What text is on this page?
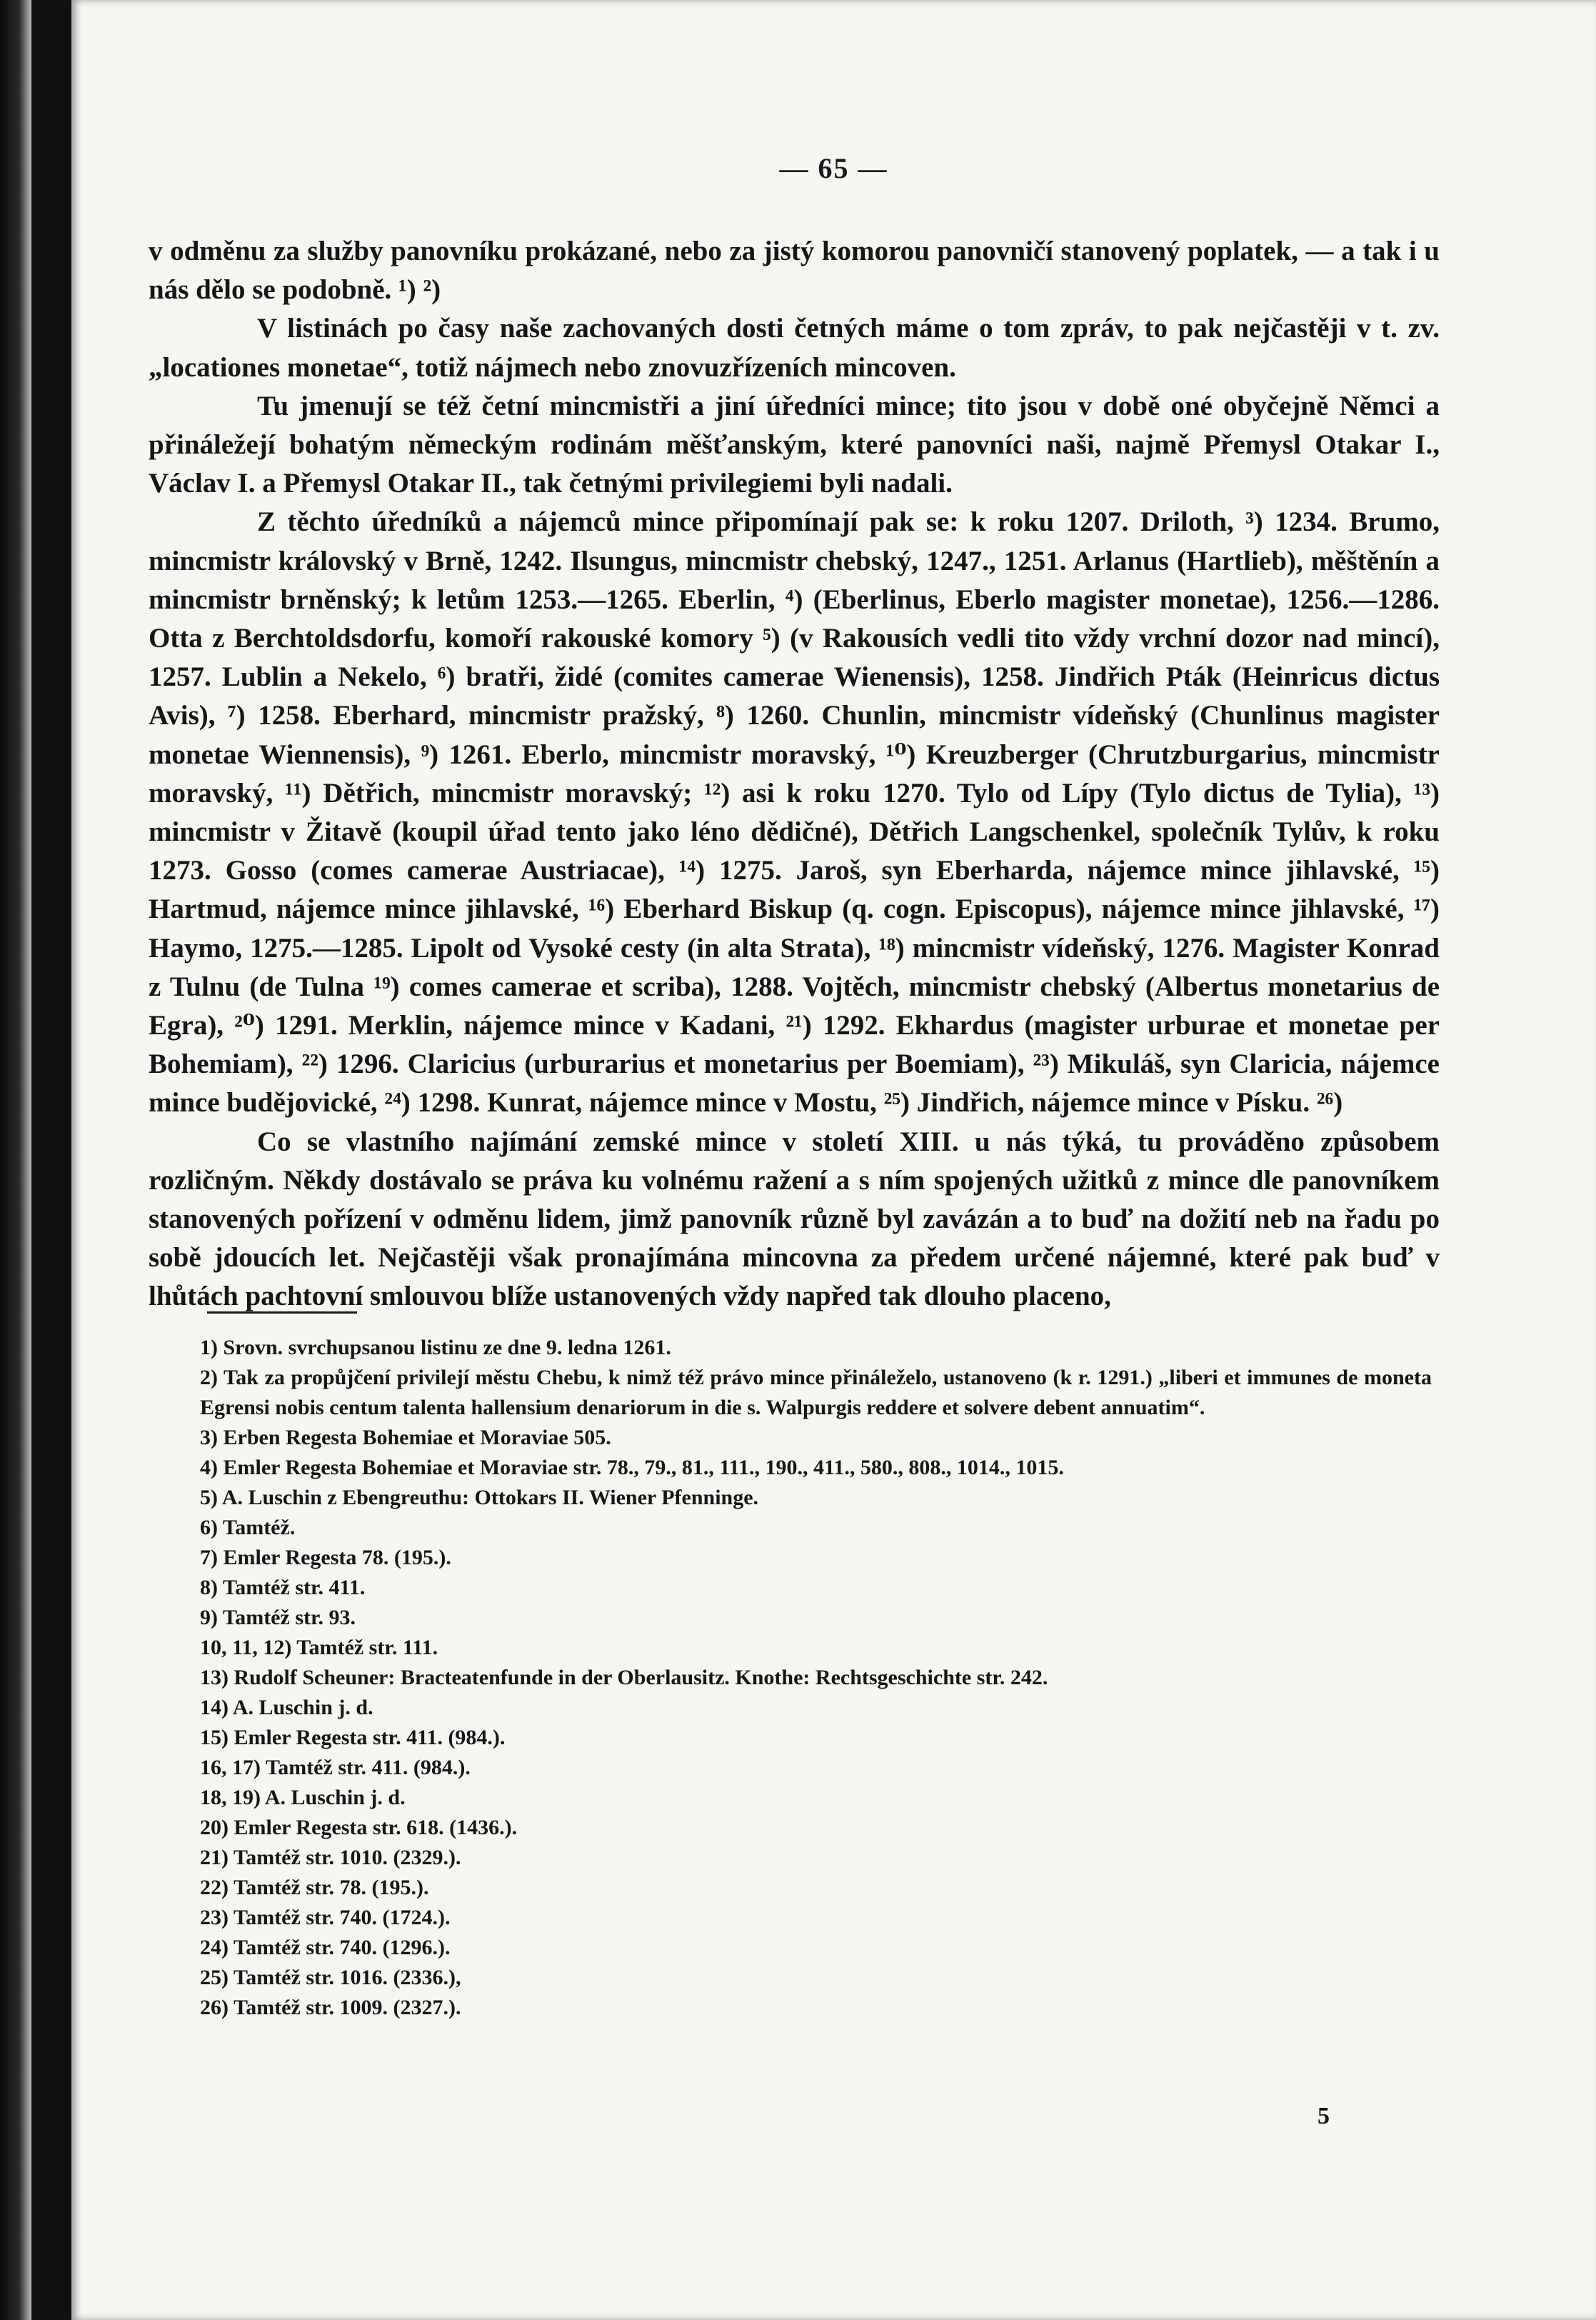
— 65 —

v odměnu za služby panovníku prokázané, nebo za jistý komorou panovničí stanovený poplatek, — a tak i u nás dělo se podobně. ¹) ²)

V listinách po časy naše zachovaných dosti četných máme o tom zpráv, to pak nejčastěji v t. zv. „locationes monetae“, totiž nájmech nebo znovuzřízeních mincoven.

Tu jmenují se též četní mincmistři a jiní úředníci mince; tito jsou v době oné obyčejně Němci a přináležejí bohatým německým rodinám měšťanským, které panovníci naši, najmě Přemysl Otakar I., Václav I. a Přemysl Otakar II., tak četnými privilegiemi byli nadali.

Z těchto úředníků a nájemců mince připomínají pak se: k roku 1207. Driloth, ³) 1234. Brumo, mincmistr královský v Brně, 1242. Ilsungus, mincmistr chebský, 1247., 1251. Arlanus (Hartlieb), měštěnín a mincmistr brněnský; k letům 1253.—1265. Eberlin, ⁴) (Eberlinus, Eberlo magister monetae), 1256.—1286. Otta z Berchtoldsdorfu, komoří rakouské komory ⁵) (v Rakousích vedli tito vždy vrchní dozor nad mincí), 1257. Lublin a Nekelo, ⁶) bratři, židé (comites camerae Wienensis), 1258. Jindřich Pták (Heinricus dictus Avis), ⁷) 1258. Eberhard, mincmistr pražský, ⁸) 1260. Chunlin, mincmistr vídeňský (Chunlinus magister monetae Wiennensis), ⁹) 1261. Eberlo, mincmistr moravský, ¹⁰) Kreuzberger (Chrutzburgarius, mincmistr moravský, ¹¹) Dětřich, mincmistr moravský; ¹²) asi k roku 1270. Tylo od Lípy (Tylo dictus de Tylia), ¹³) mincmistr v Žitavě (koupil úřad tento jako léno dědičné), Dětřich Langschenkel, společník Tylův, k roku 1273. Gosso (comes camerae Austriacae), ¹⁴) 1275. Jaroš, syn Eberharda, nájemce mince jihlavské, ¹⁵) Hartmud, nájemce mince jihlavské, ¹⁶) Eberhard Biskup (q. cogn. Episcopus), nájemce mince jihlavské, ¹⁷) Haymo, 1275.—1285. Lipolt od Vysoké cesty (in alta Strata), ¹⁸) mincmistr vídeňský, 1276. Magister Konrad z Tulnu (de Tulna ¹⁹) comes camerae et scriba), 1288. Vojtěch, mincmistr chebský (Albertus monetarius de Egra), ²⁰) 1291. Merklin, nájemce mince v Kadani, ²¹) 1292. Ekhardus (magister urburae et monetae per Bohemiam), ²²) 1296. Claricius (urburarius et monetarius per Boemiam), ²³) Mikuláš, syn Claricia, nájemce mince budějovické, ²⁴) 1298. Kunrat, nájemce mince v Mostu, ²⁵) Jindřich, nájemce mince v Písku. ²⁶)

Co se vlastního najímání zemské mince v století XIII. u nás týká, tu prováděno způsobem rozličným. Někdy dostávalo se práva ku volnému ražení a s ním spojených užitků z mince dle panovníkem stanovených pořízení v odměnu lidem, jimž panovník různě byl zavázán a to buď na dožití neb na řadu po sobě jdoucích let. Nejčastěji však pronajímána mincovna za předem určené nájemné, které pak buď v lhůtách pachtovní smlouvou blíže ustanovených vždy napřed tak dlouho placeno,

1) Srovn. svrchupsanou listinu ze dne 9. ledna 1261.
2) Tak za propůjčení privilejí městu Chebu, k nimž též právo mince přináleželo, ustanoveno (k r. 1291.) „liberi et immunes de moneta Egrensi nobis centum talenta hallensium denariorum in die s. Walpurgis reddere et solvere debent annuatim“.
3) Erben Regesta Bohemiae et Moraviae 505.
4) Emler Regesta Bohemiae et Moraviae str. 78., 79., 81., 111., 190., 411., 580., 808., 1014., 1015.
5) A. Luschin z Ebengreuthu: Ottokars II. Wiener Pfenninge.
6) Tamtéž.
7) Emler Regesta 78. (195.).
8) Tamtéž str. 411.
9) Tamtéž str. 93.
10, 11, 12) Tamtéž str. 111.
13) Rudolf Scheuner: Bracteatenfunde in der Oberlausitz. Knothe: Rechtsgeschichte str. 242.
14) A. Luschin j. d.
15) Emler Regesta str. 411. (984.).
16, 17) Tamtéž str. 411. (984.).
18, 19) A. Luschin j. d.
20) Emler Regesta str. 618. (1436.).
21) Tamtéž str. 1010. (2329.).
22) Tamtéž str. 78. (195.).
23) Tamtéž str. 740. (1724.).
24) Tamtéž str. 740. (1296.).
25) Tamtéž str. 1016. (2336.),
26) Tamtéž str. 1009. (2327.).
5
